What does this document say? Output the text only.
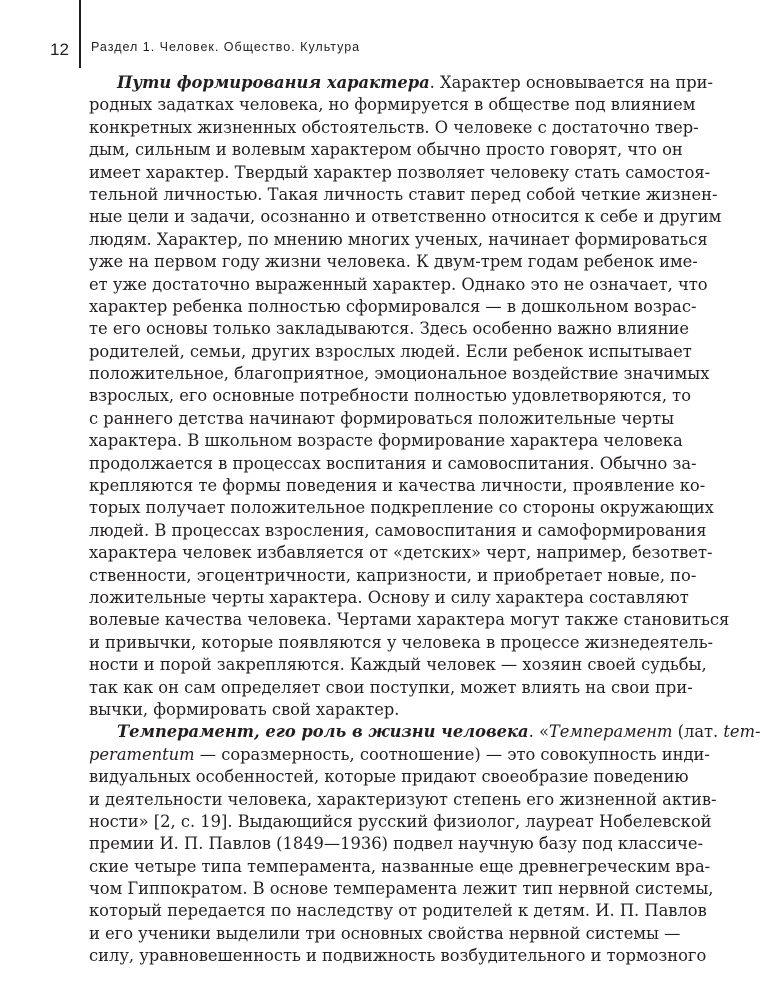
12	Раздел 1. Человек. Общество. Культура
Пути формирования характера. Характер основывается на при-
родных задатках человека, но формируется в обществе под влиянием
конкретных жизненных обстоятельств. О человеке с достаточно твер-
дым, сильным и волевым характером обычно просто говорят, что он
имеет характер. Твердый характер позволяет человеку стать самостоя-
тельной личностью. Такая личность ставит перед собой четкие жизнен-
ные цели и задачи, осознанно и ответственно относится к себе и другим
людям. Характер, по мнению многих ученых, начинает формироваться
уже на первом году жизни человека. К двум-трем годам ребенок име-
ет уже достаточно выраженный характер. Однако это не означает, что
характер ребенка полностью сформировался — в дошкольном возрас-
те его основы только закладываются. Здесь особенно важно влияние
родителей, семьи, других взрослых людей. Если ребенок испытывает
положительное, благоприятное, эмоциональное воздействие значимых
взрослых, его основные потребности полностью удовлетворяются, то
с раннего детства начинают формироваться положительные черты
характера. В школьном возрасте формирование характера человека
продолжается в процессах воспитания и самовоспитания. Обычно за-
крепляются те формы поведения и качества личности, проявление ко-
торых получает положительное подкрепление со стороны окружающих
людей. В процессах взросления, самовоспитания и самоформирования
характера человек избавляется от «детских» черт, например, безответ-
ственности, эгоцентричности, капризности, и приобретает новые, по-
ложительные черты характера. Основу и силу характера составляют
волевые качества человека. Чертами характера могут также становиться
и привычки, которые появляются у человека в процессе жизнедеятель-
ности и порой закрепляются. Каждый человек — хозяин своей судьбы,
так как он сам определяет свои поступки, может влиять на свои при-
вычки, формировать свой характер.
Темперамент, его роль в жизни человека. «Темперамент (лат. tem-
peramentum — соразмерность, соотношение) — это совокупность инди-
видуальных особенностей, которые придают своеобразие поведению
и деятельности человека, характеризуют степень его жизненной актив-
ности» [2, с. 19]. Выдающийся русский физиолог, лауреат Нобелевской
премии И. П. Павлов (1849—1936) подвел научную базу под классиче-
ские четыре типа темперамента, названные еще древнегреческим вра-
чом Гиппократом. В основе темперамента лежит тип нервной системы,
который передается по наследству от родителей к детям. И. П. Павлов
и его ученики выделили три основных свойства нервной системы —
силу, уравновешенность и подвижность возбудительного и тормозного
